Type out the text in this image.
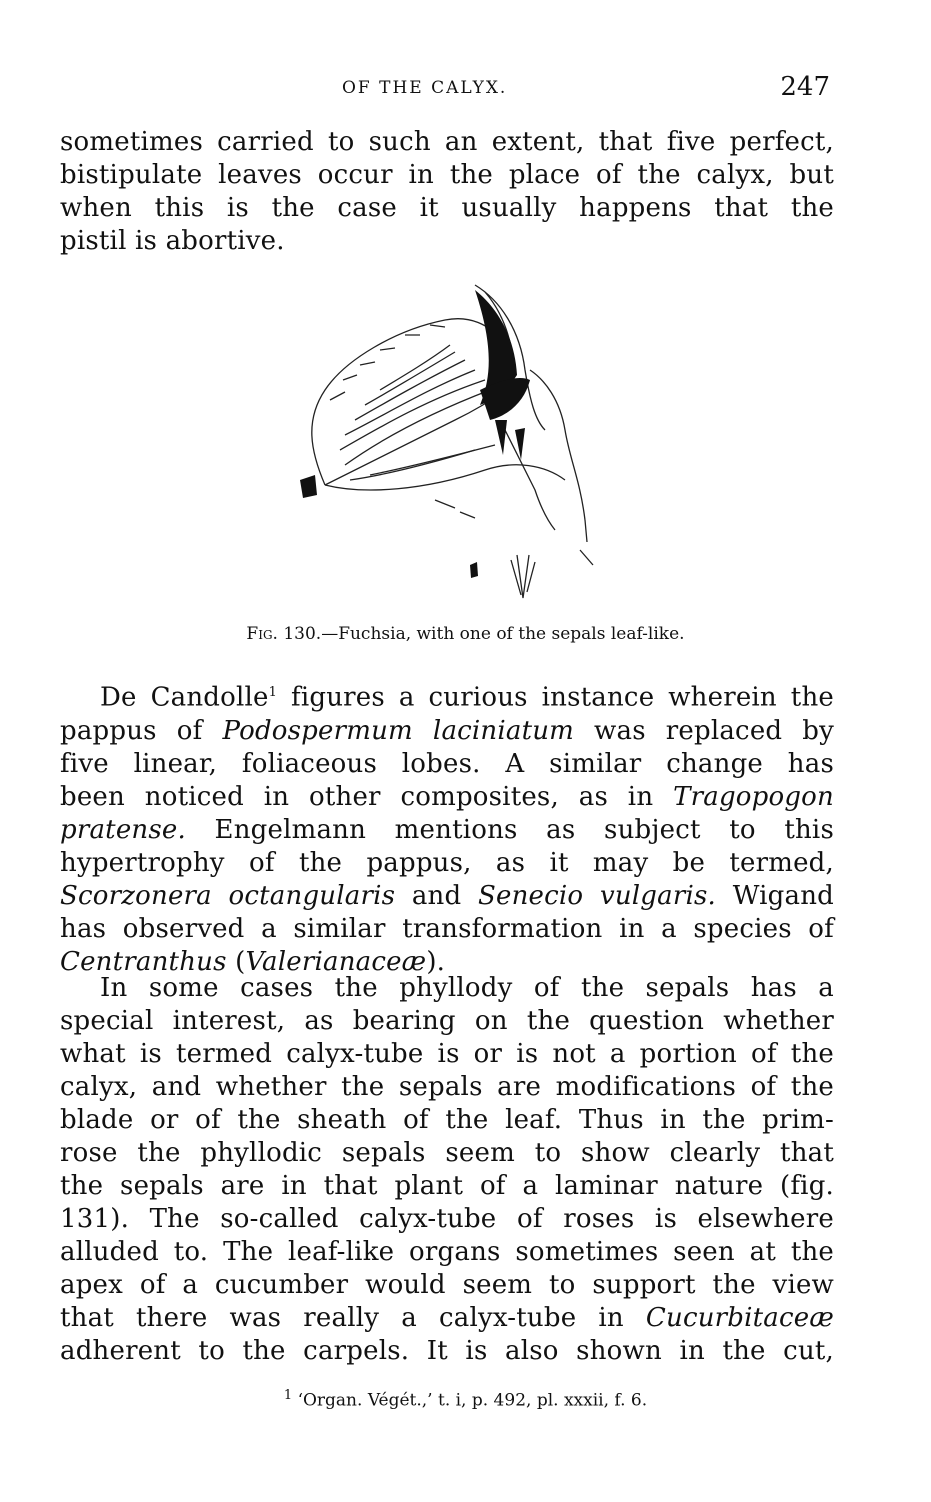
OF THE CALYX.	247
sometimes carried to such an extent, that five perfect,
bistipulate leaves occur in the place of the calyx, but
when this is the case it usually happens that the
pistil is abortive.
Fig. 130.—Fuchsia, with one of the sepals leaf-like.
De Candolle$^1$ figures a curious instance wherein the
pappus of Podospermum laciniatum was replaced by
five linear, foliaceous lobes. A similar change has
been noticed in other composites, as in Tragopogon
pratense. Engelmann mentions as subject to this
hypertrophy of the pappus, as it may be termed,
Scorzonera octangularis and Senecio vulgaris. Wigand
has observed a similar transformation in a species of
Centranthus (Valerianaceæ).
In some cases the phyllody of the sepals has a
special interest, as bearing on the question whether
what is termed calyx-tube is or is not a portion of the
calyx, and whether the sepals are modifications of the
blade or of the sheath of the leaf. Thus in the prim-
rose the phyllodic sepals seem to show clearly that
the sepals are in that plant of a laminar nature (fig.
131). The so-called calyx-tube of roses is elsewhere
alluded to. The leaf-like organs sometimes seen at the
apex of a cucumber would seem to support the view
that there was really a calyx-tube in Cucurbitaceæ
adherent to the carpels. It is also shown in the cut,
$^1$ ‘Organ. Végét.,’ t. i, p. 492, pl. xxxii, f. 6.
